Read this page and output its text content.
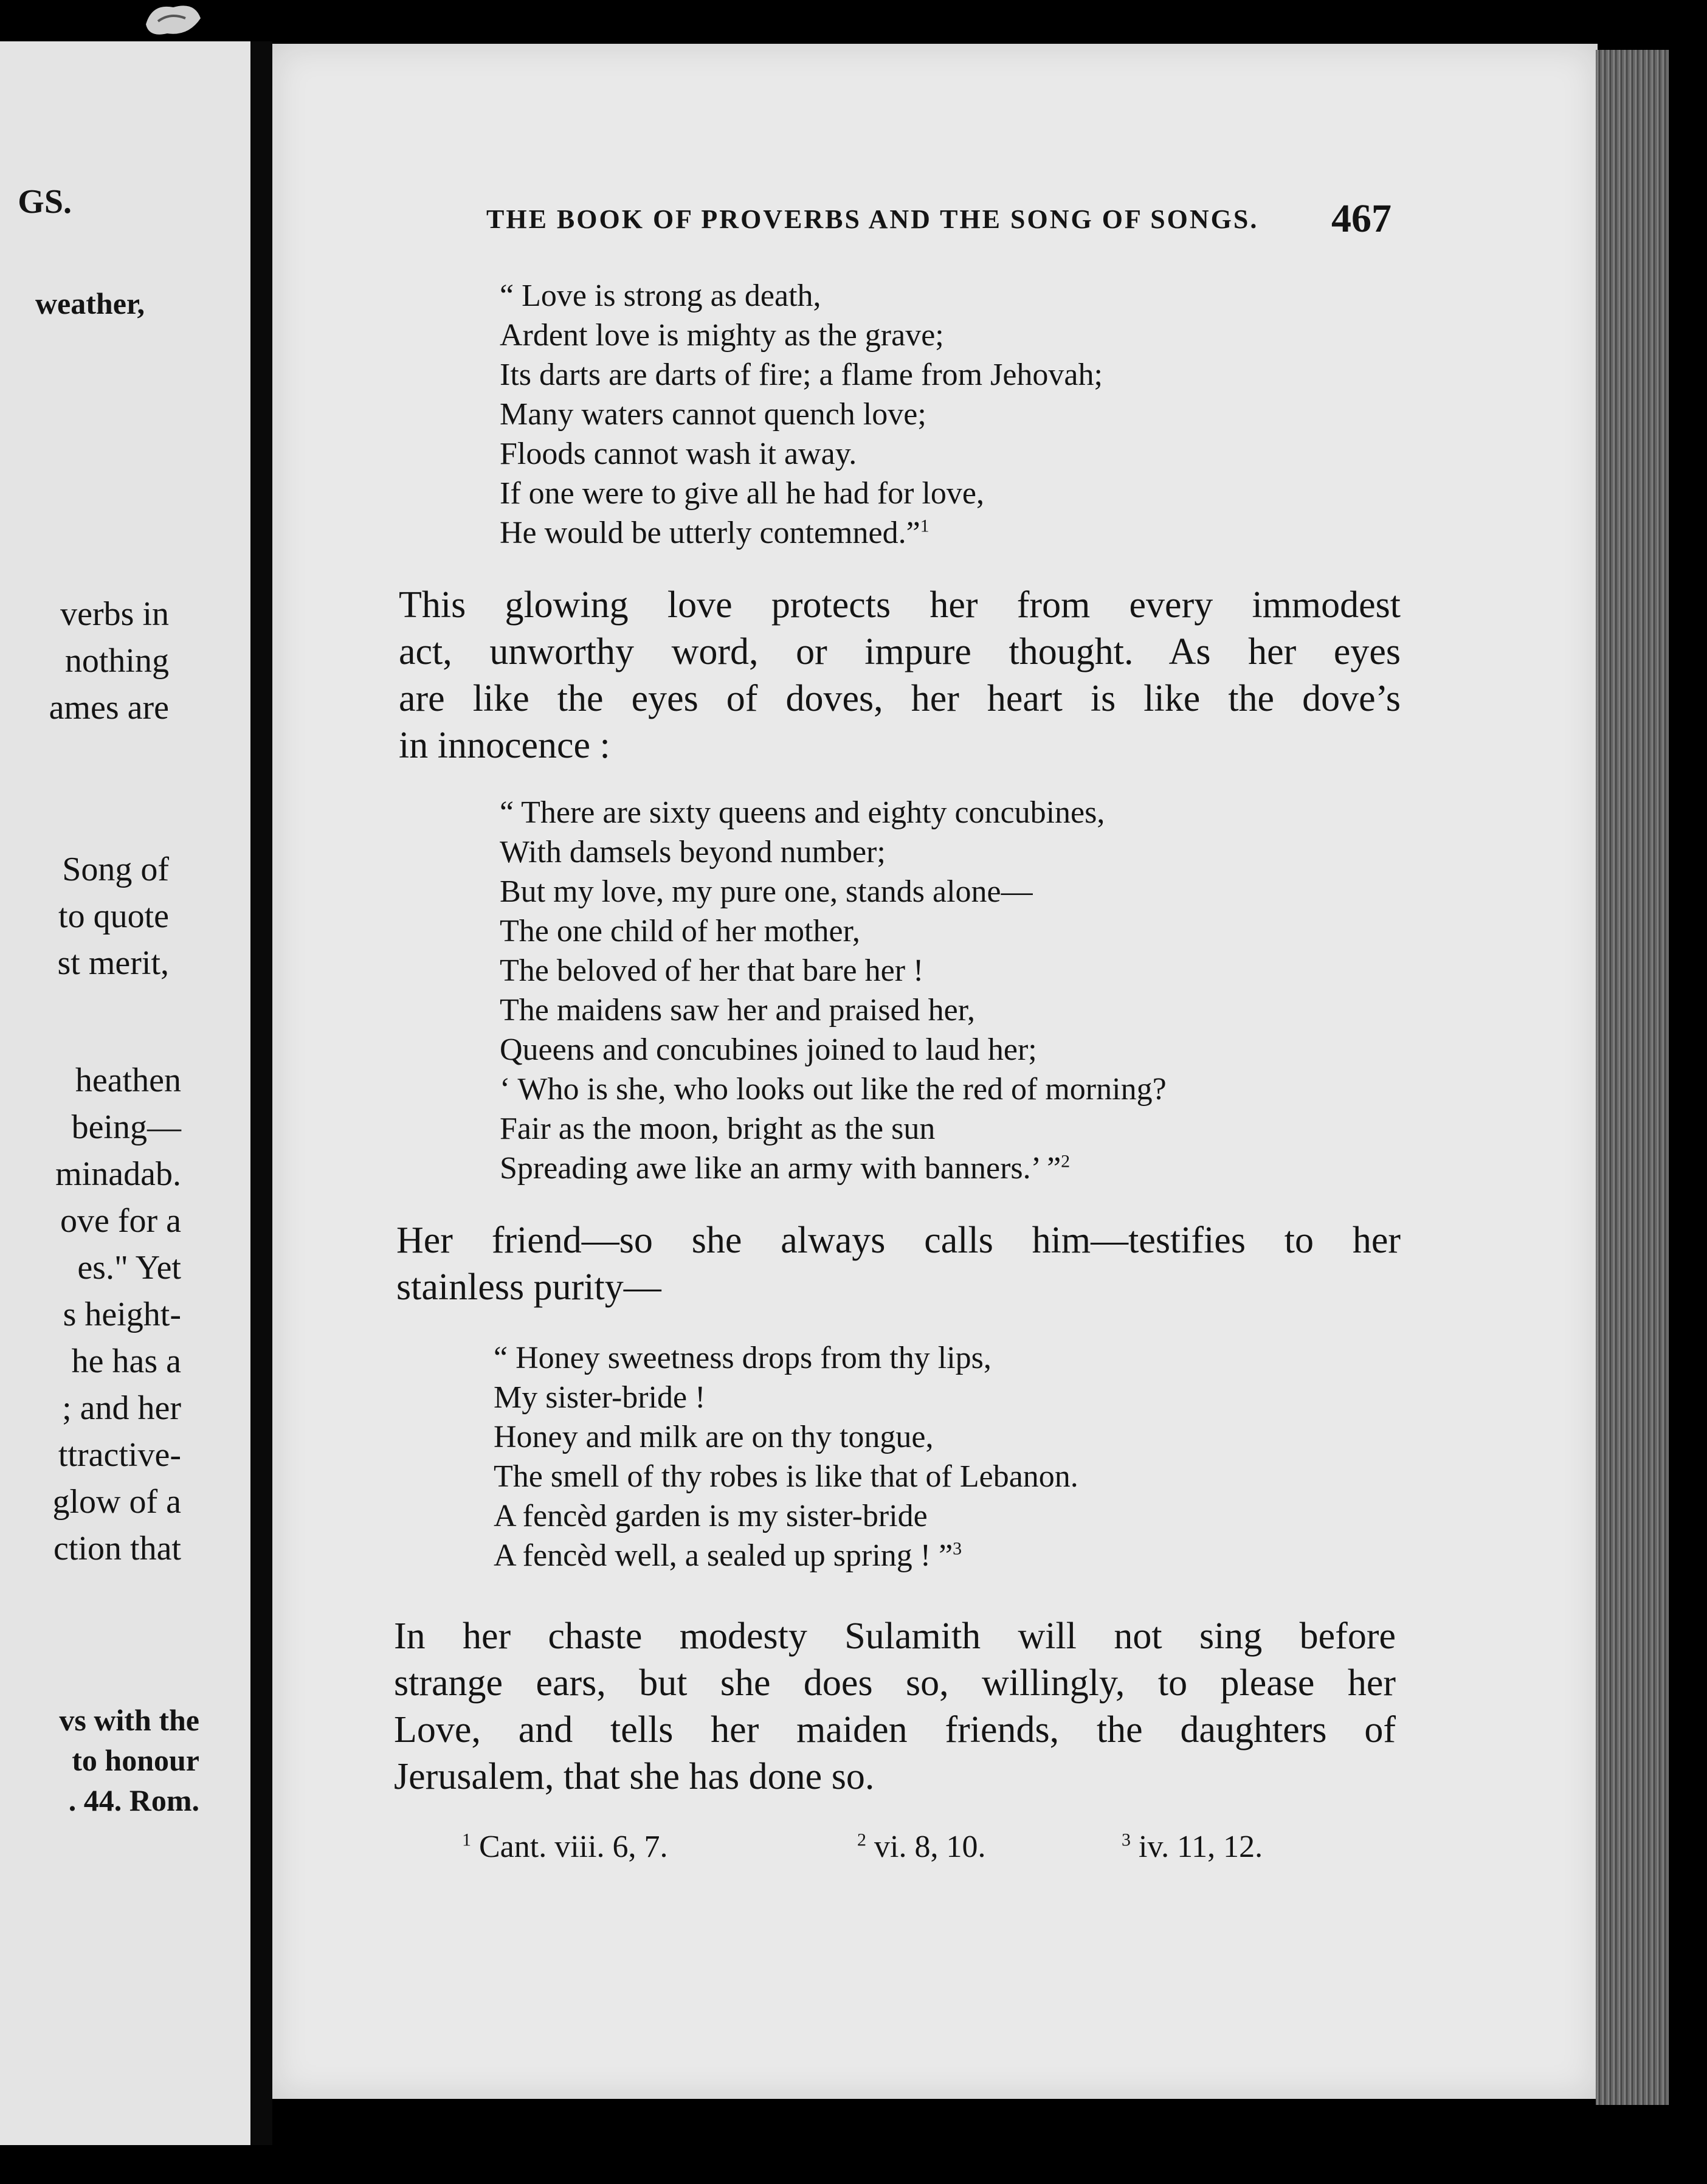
GS.
weather,
verbs in
nothing
ames are
Song of
to quote
st merit,
heathen
being—
minadab.
ove for a
es." Yet
s height-
he has a
; and her
ttractive-
glow of a
ction that
vs with the
to honour
. 44. Rom.
THE BOOK OF PROVERBS AND THE SONG OF SONGS. 467
“ Love is strong as death,
Ardent love is mighty as the grave;
Its darts are darts of fire; a flame from Jehovah;
Many waters cannot quench love;
Floods cannot wash it away.
If one were to give all he had for love,
He would be utterly contemned.”$^1$
This glowing love protects her from every immodest
act, unworthy word, or impure thought. As her eyes
are like the eyes of doves, her heart is like the dove’s
in innocence :
“ There are sixty queens and eighty concubines,
With damsels beyond number;
But my love, my pure one, stands alone—
The one child of her mother,
The beloved of her that bare her !
The maidens saw her and praised her,
Queens and concubines joined to laud her;
‘ Who is she, who looks out like the red of morning?
Fair as the moon, bright as the sun
Spreading awe like an army with banners.’ ”$^2$
Her friend—so she always calls him—testifies to her
stainless purity—
“ Honey sweetness drops from thy lips,
My sister-bride !
Honey and milk are on thy tongue,
The smell of thy robes is like that of Lebanon.
A fencèd garden is my sister-bride
A fencèd well, a sealed up spring ! ”$^3$
In her chaste modesty Sulamith will not sing before
strange ears, but she does so, willingly, to please her
Love, and tells her maiden friends, the daughters of
Jerusalem, that she has done so.
$^1$ Cant. viii. 6, 7.	$^2$ vi. 8, 10.	$^3$ iv. 11, 12.
